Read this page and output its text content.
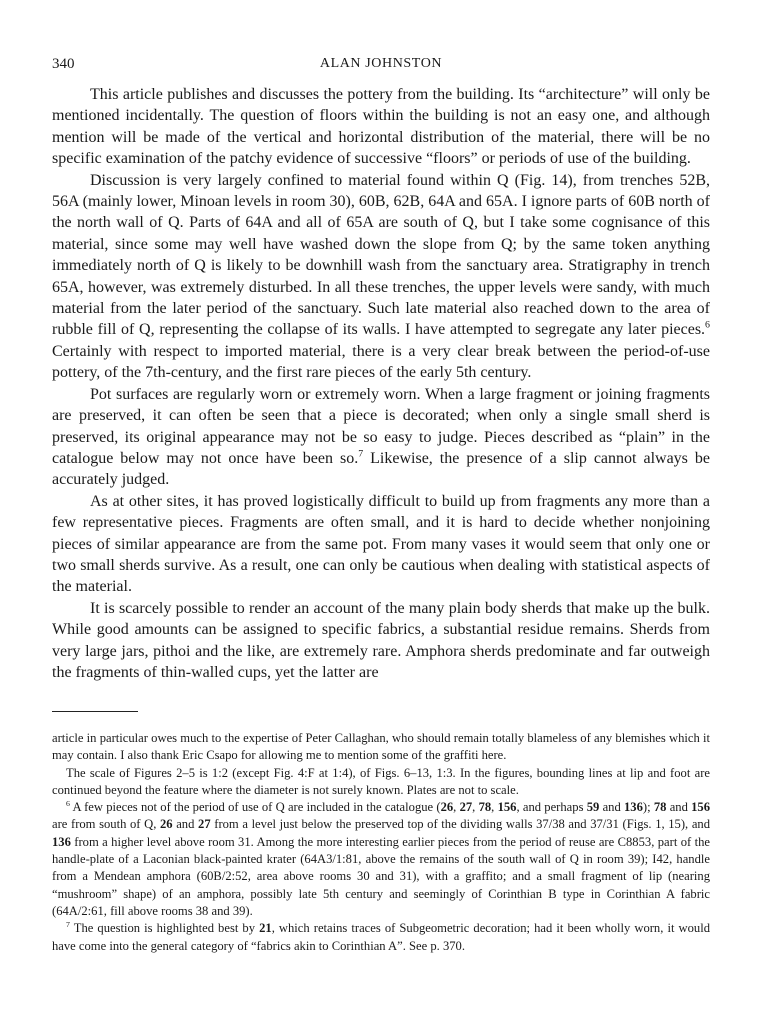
340	ALAN JOHNSTON

This article publishes and discusses the pottery from the building. Its “architecture” will only be mentioned incidentally. The question of floors within the building is not an easy one, and although mention will be made of the vertical and horizontal distribution of the material, there will be no specific examination of the patchy evidence of successive “floors” or periods of use of the building.

Discussion is very largely confined to material found within Q (Fig. 14), from trenches 52B, 56A (mainly lower, Minoan levels in room 30), 60B, 62B, 64A and 65A. I ignore parts of 60B north of the north wall of Q. Parts of 64A and all of 65A are south of Q, but I take some cognisance of this material, since some may well have washed down the slope from Q; by the same token anything immediately north of Q is likely to be downhill wash from the sanctuary area. Stratigraphy in trench 65A, however, was extremely disturbed. In all these trenches, the upper levels were sandy, with much material from the later period of the sanctuary. Such late material also reached down to the area of rubble fill of Q, representing the collapse of its walls. I have attempted to segregate any later pieces.$^6$ Certainly with respect to imported material, there is a very clear break between the period-of-use pottery, of the 7th-century, and the first rare pieces of the early 5th century.

Pot surfaces are regularly worn or extremely worn. When a large fragment or joining fragments are preserved, it can often be seen that a piece is decorated; when only a single small sherd is preserved, its original appearance may not be so easy to judge. Pieces described as “plain” in the catalogue below may not once have been so.$^7$ Likewise, the presence of a slip cannot always be accurately judged.

As at other sites, it has proved logistically difficult to build up from fragments any more than a few representative pieces. Fragments are often small, and it is hard to decide whether nonjoining pieces of similar appearance are from the same pot. From many vases it would seem that only one or two small sherds survive. As a result, one can only be cautious when dealing with statistical aspects of the material.

It is scarcely possible to render an account of the many plain body sherds that make up the bulk. While good amounts can be assigned to specific fabrics, a substantial residue remains. Sherds from very large jars, pithoi and the like, are extremely rare. Amphora sherds predominate and far outweigh the fragments of thin-walled cups, yet the latter are

article in particular owes much to the expertise of Peter Callaghan, who should remain totally blameless of any blemishes which it may contain. I also thank Eric Csapo for allowing me to mention some of the graffiti here.

The scale of Figures 2–5 is 1:2 (except Fig. 4:F at 1:4), of Figs. 6–13, 1:3. In the figures, bounding lines at lip and foot are continued beyond the feature where the diameter is not surely known. Plates are not to scale.

$^6$ A few pieces not of the period of use of Q are included in the catalogue (26, 27, 78, 156, and perhaps 59 and 136); 78 and 156 are from south of Q, 26 and 27 from a level just below the preserved top of the dividing walls 37/38 and 37/31 (Figs. 1, 15), and 136 from a higher level above room 31. Among the more interesting earlier pieces from the period of reuse are C8853, part of the handle-plate of a Laconian black-painted krater (64A3/1:81, above the remains of the south wall of Q in room 39); I42, handle from a Mendean amphora (60B/2:52, area above rooms 30 and 31), with a graffito; and a small fragment of lip (nearing “mushroom” shape) of an amphora, possibly late 5th century and seemingly of Corinthian B type in Corinthian A fabric (64A/2:61, fill above rooms 38 and 39).

$^7$ The question is highlighted best by 21, which retains traces of Subgeometric decoration; had it been wholly worn, it would have come into the general category of “fabrics akin to Corinthian A”. See p. 370.
